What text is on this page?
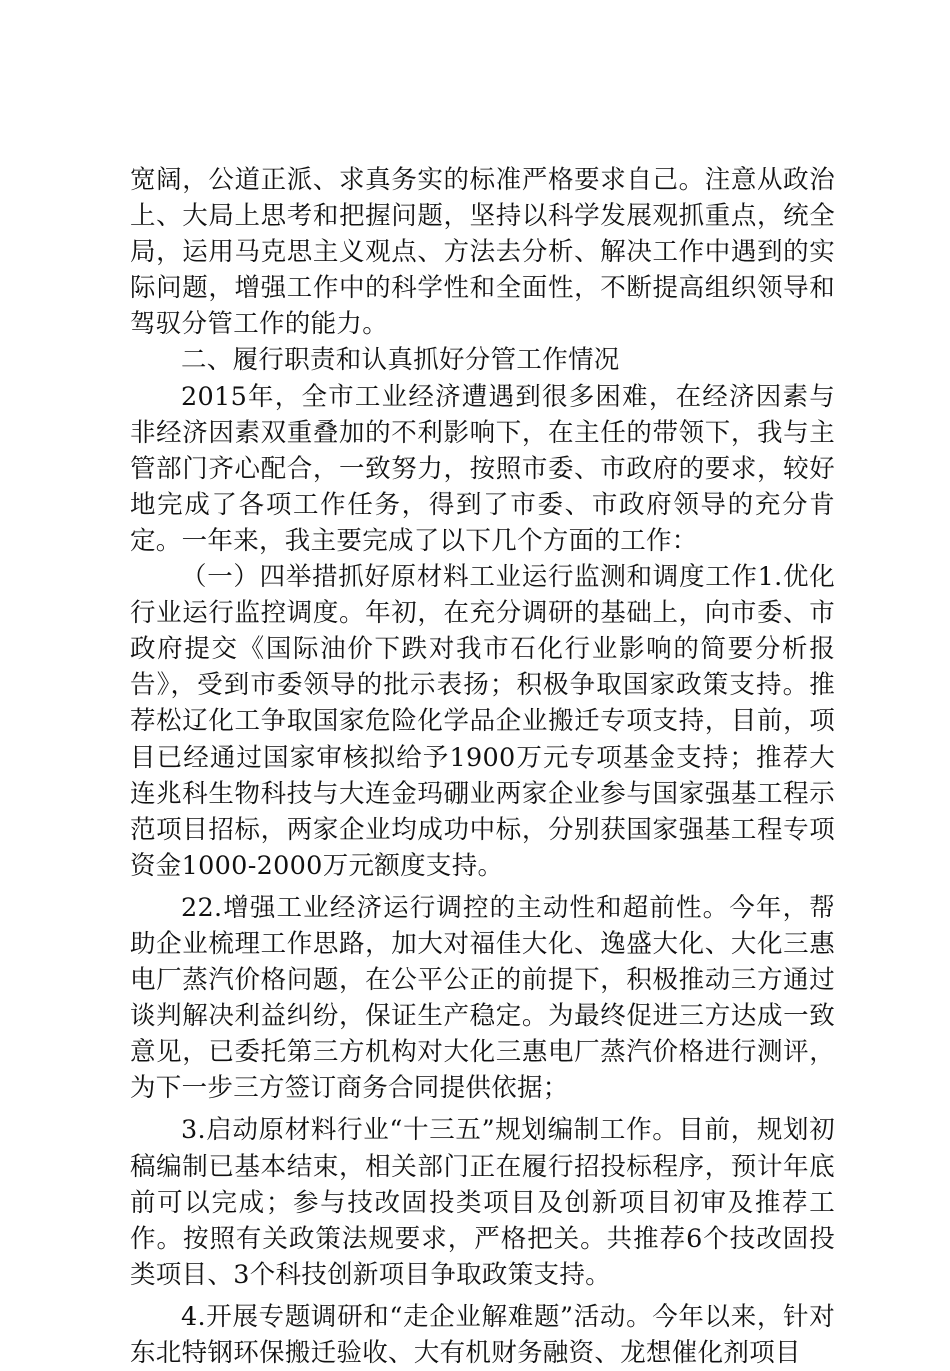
宽阔，公道正派、求真务实的标准严格要求自己。注意从政治上、大局上思考和把握问题，坚持以科学发展观抓重点，统全局，运用马克思主义观点、方法去分析、解决工作中遇到的实际问题，增强工作中的科学性和全面性，不断提高组织领导和驾驭分管工作的能力。

二、履行职责和认真抓好分管工作情况

2015年，全市工业经济遭遇到很多困难，在经济因素与非经济因素双重叠加的不利影响下，在主任的带领下，我与主管部门齐心配合，一致努力，按照市委、市政府的要求，较好地完成了各项工作任务，得到了市委、市政府领导的充分肯定。一年来，我主要完成了以下几个方面的工作：

（一）四举措抓好原材料工业运行监测和调度工作1.优化行业运行监控调度。年初，在充分调研的基础上，向市委、市政府提交《国际油价下跌对我市石化行业影响的简要分析报告》，受到市委领导的批示表扬；积极争取国家政策支持。推荐松辽化工争取国家危险化学品企业搬迁专项支持，目前，项目已经通过国家审核拟给予1900万元专项基金支持；推荐大连兆科生物科技与大连金玛硼业两家企业参与国家强基工程示范项目招标，两家企业均成功中标，分别获国家强基工程专项资金1000-2000万元额度支持。

22.增强工业经济运行调控的主动性和超前性。今年，帮助企业梳理工作思路，加大对福佳大化、逸盛大化、大化三惠电厂蒸汽价格问题，在公平公正的前提下，积极推动三方通过谈判解决利益纠纷，保证生产稳定。为最终促进三方达成一致意见，已委托第三方机构对大化三惠电厂蒸汽价格进行测评，为下一步三方签订商务合同提供依据；

3.启动原材料行业“十三五”规划编制工作。目前，规划初稿编制已基本结束，相关部门正在履行招投标程序，预计年底前可以完成；参与技改固投类项目及创新项目初审及推荐工作。按照有关政策法规要求，严格把关。共推荐6个技改固投类项目、3个科技创新项目争取政策支持。

4.开展专题调研和“走企业解难题”活动。今年以来，针对东北特钢环保搬迁验收、大有机财务融资、龙想催化剂项目
